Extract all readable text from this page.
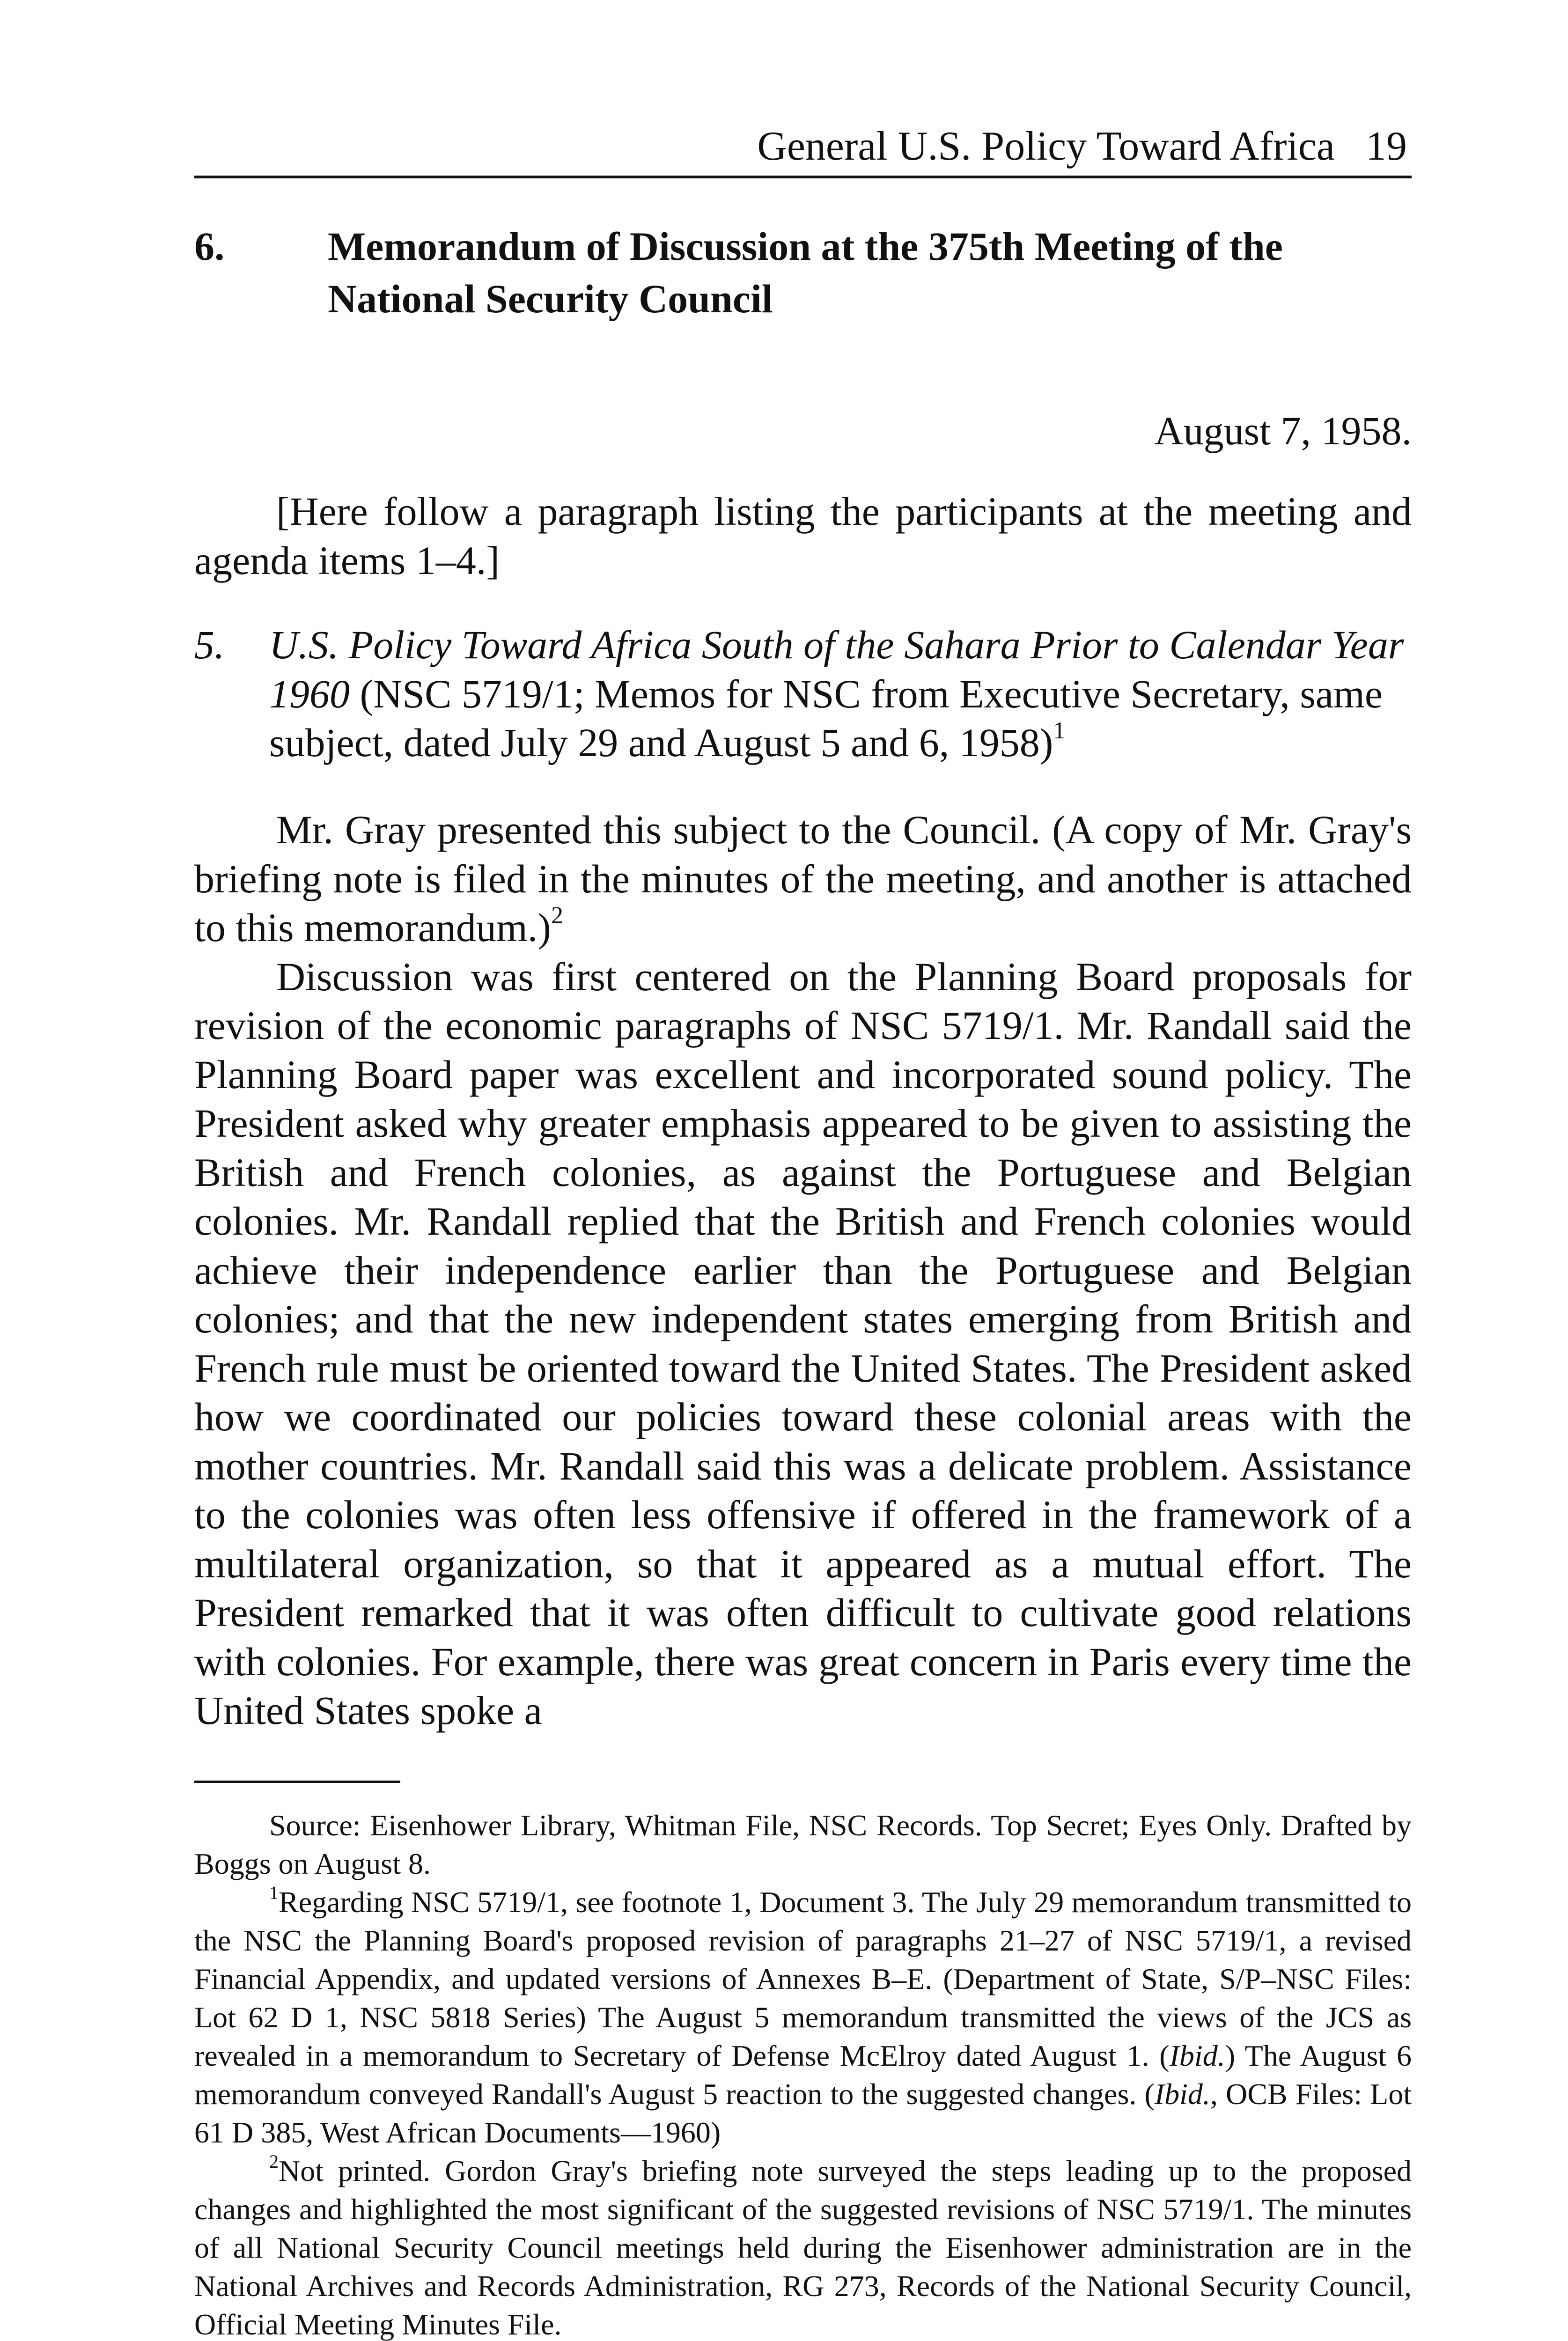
General U.S. Policy Toward Africa 19
6.	Memorandum of Discussion at the 375th Meeting of the National Security Council
August 7, 1958.

[Here follow a paragraph listing the participants at the meeting and agenda items 1–4.]

5. U.S. Policy Toward Africa South of the Sahara Prior to Calendar Year 1960 (NSC 5719/1; Memos for NSC from Executive Secretary, same subject, dated July 29 and August 5 and 6, 1958)$^1$

Mr. Gray presented this subject to the Council. (A copy of Mr. Gray's briefing note is filed in the minutes of the meeting, and another is attached to this memorandum.)$^2$

Discussion was first centered on the Planning Board proposals for revision of the economic paragraphs of NSC 5719/1. Mr. Randall said the Planning Board paper was excellent and incorporated sound policy. The President asked why greater emphasis appeared to be given to assisting the British and French colonies, as against the Portuguese and Belgian colonies. Mr. Randall replied that the British and French colonies would achieve their independence earlier than the Portuguese and Belgian colonies; and that the new independent states emerging from British and French rule must be oriented toward the United States. The President asked how we coordinated our policies toward these colonial areas with the mother countries. Mr. Randall said this was a delicate problem. Assistance to the colonies was often less offensive if offered in the framework of a multilateral organization, so that it appeared as a mutual effort. The President remarked that it was often difficult to cultivate good relations with colonies. For example, there was great concern in Paris every time the United States spoke a

Source: Eisenhower Library, Whitman File, NSC Records. Top Secret; Eyes Only. Drafted by Boggs on August 8.

$^1$Regarding NSC 5719/1, see footnote 1, Document 3. The July 29 memorandum transmitted to the NSC the Planning Board's proposed revision of paragraphs 21–27 of NSC 5719/1, a revised Financial Appendix, and updated versions of Annexes B–E. (Department of State, S/P–NSC Files: Lot 62 D 1, NSC 5818 Series) The August 5 memorandum transmitted the views of the JCS as revealed in a memorandum to Secretary of Defense McElroy dated August 1. (Ibid.) The August 6 memorandum conveyed Randall's August 5 reaction to the suggested changes. (Ibid., OCB Files: Lot 61 D 385, West African Documents—1960)

$^2$Not printed. Gordon Gray's briefing note surveyed the steps leading up to the proposed changes and highlighted the most significant of the suggested revisions of NSC 5719/1. The minutes of all National Security Council meetings held during the Eisenhower administration are in the National Archives and Records Administration, RG 273, Records of the National Security Council, Official Meeting Minutes File.
